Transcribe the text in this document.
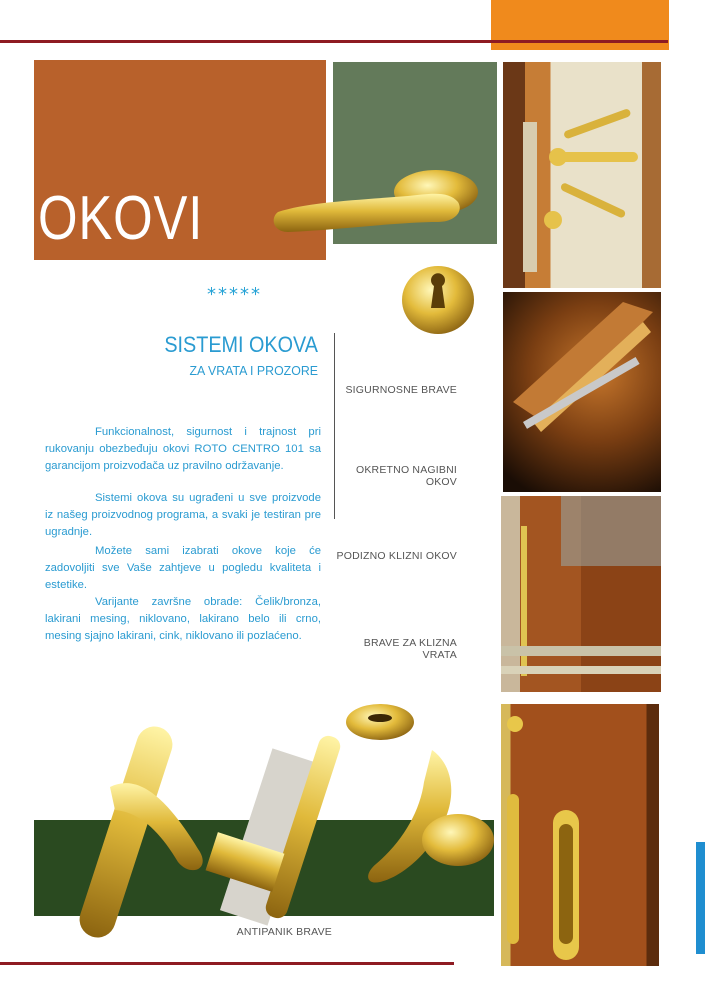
OKOVI
*****
SISTEMI OKOVA
ZA VRATA I PROZORE
Funkcionalnost, sigurnost i trajnost pri rukovanju obezbeđuju okovi ROTO CENTRO 101 sa garancijom proizvođača uz pravilno održavanje.
Sistemi okova su ugrađeni u sve proizvode iz našeg proizvodnog programa, a svaki je testiran pre ugradnje.
Možete sami izabrati okove koje će zadovoljiti sve Vaše zahtjeve u pogledu kvaliteta i estetike.
Varijante završne obrade: Čelik/bronza, lakirani mesing, niklovano, lakirano belo ili crno, mesing sjajno lakirani, cink, niklovano ili pozlaćeno.
SIGURNOSNE BRAVE
OKRETNO NAGIBNI OKOV
PODIZNO KLIZNI OKOV
BRAVE ZA KLIZNA VRATA
ANTIPANIK BRAVE
